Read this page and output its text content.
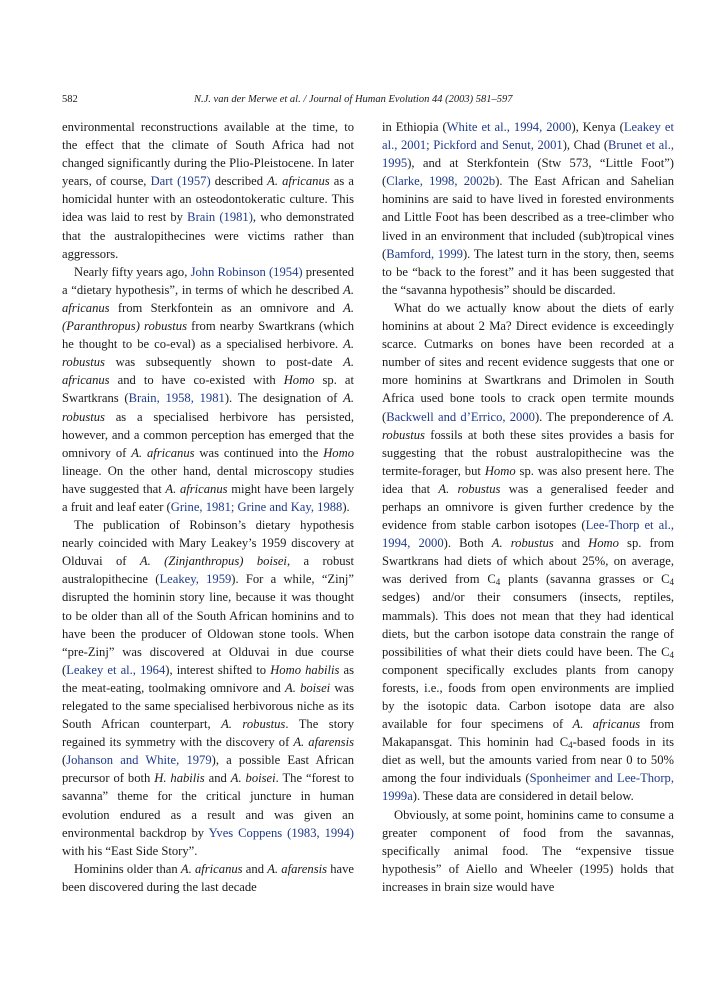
582	N.J. van der Merwe et al. / Journal of Human Evolution 44 (2003) 581–597

environmental reconstructions available at the time, to the effect that the climate of South Africa had not changed significantly during the Plio-Pleistocene. In later years, of course, Dart (1957) described A. africanus as a homicidal hunter with an osteodontokeratic culture. This idea was laid to rest by Brain (1981), who demonstrated that the australopithecines were victims rather than aggressors.

Nearly fifty years ago, John Robinson (1954) presented a “dietary hypothesis”, in terms of which he described A. africanus from Sterkfontein as an omnivore and A. (Paranthropus) robustus from nearby Swartkrans (which he thought to be co-eval) as a specialised herbivore. A. robustus was subsequently shown to post-date A. africanus and to have co-existed with Homo sp. at Swartkrans (Brain, 1958, 1981). The designation of A. robustus as a specialised herbivore has persisted, however, and a common perception has emerged that the omnivory of A. africanus was continued into the Homo lineage. On the other hand, dental microscopy studies have suggested that A. africanus might have been largely a fruit and leaf eater (Grine, 1981; Grine and Kay, 1988).

The publication of Robinson’s dietary hypothesis nearly coincided with Mary Leakey’s 1959 discovery at Olduvai of A. (Zinjanthropus) boisei, a robust australopithecine (Leakey, 1959). For a while, “Zinj” disrupted the hominin story line, because it was thought to be older than all of the South African hominins and to have been the producer of Oldowan stone tools. When “pre-Zinj” was discovered at Olduvai in due course (Leakey et al., 1964), interest shifted to Homo habilis as the meat-eating, toolmaking omnivore and A. boisei was relegated to the same specialised herbivorous niche as its South African counterpart, A. robustus. The story regained its symmetry with the discovery of A. afarensis (Johanson and White, 1979), a possible East African precursor of both H. habilis and A. boisei. The “forest to savanna” theme for the critical juncture in human evolution endured as a result and was given an environmental backdrop by Yves Coppens (1983, 1994) with his “East Side Story”.

Hominins older than A. africanus and A. afarensis have been discovered during the last decade

in Ethiopia (White et al., 1994, 2000), Kenya (Leakey et al., 2001; Pickford and Senut, 2001), Chad (Brunet et al., 1995), and at Sterkfontein (Stw 573, “Little Foot”) (Clarke, 1998, 2002b). The East African and Sahelian hominins are said to have lived in forested environments and Little Foot has been described as a tree-climber who lived in an environment that included (sub)tropical vines (Bamford, 1999). The latest turn in the story, then, seems to be “back to the forest” and it has been suggested that the “savanna hypothesis” should be discarded.

What do we actually know about the diets of early hominins at about 2 Ma? Direct evidence is exceedingly scarce. Cutmarks on bones have been recorded at a number of sites and recent evidence suggests that one or more hominins at Swartkrans and Drimolen in South Africa used bone tools to crack open termite mounds (Backwell and d’Errico, 2000). The preponderence of A. robustus fossils at both these sites provides a basis for suggesting that the robust australopithecine was the termite-forager, but Homo sp. was also present here. The idea that A. robustus was a generalised feeder and perhaps an omnivore is given further credence by the evidence from stable carbon isotopes (Lee-Thorp et al., 1994, 2000). Both A. robustus and Homo sp. from Swartkrans had diets of which about 25%, on average, was derived from $C_4$ plants (savanna grasses or $C_4$ sedges) and/or their consumers (insects, reptiles, mammals). This does not mean that they had identical diets, but the carbon isotope data constrain the range of possibilities of what their diets could have been. The $C_4$ component specifically excludes plants from canopy forests, i.e., foods from open environments are implied by the isotopic data. Carbon isotope data are also available for four specimens of A. africanus from Makapansgat. This hominin had $C_4$-based foods in its diet as well, but the amounts varied from near 0 to 50% among the four individuals (Sponheimer and Lee-Thorp, 1999a). These data are considered in detail below.

Obviously, at some point, hominins came to consume a greater component of food from the savannas, specifically animal food. The “expensive tissue hypothesis” of Aiello and Wheeler (1995) holds that increases in brain size would have
